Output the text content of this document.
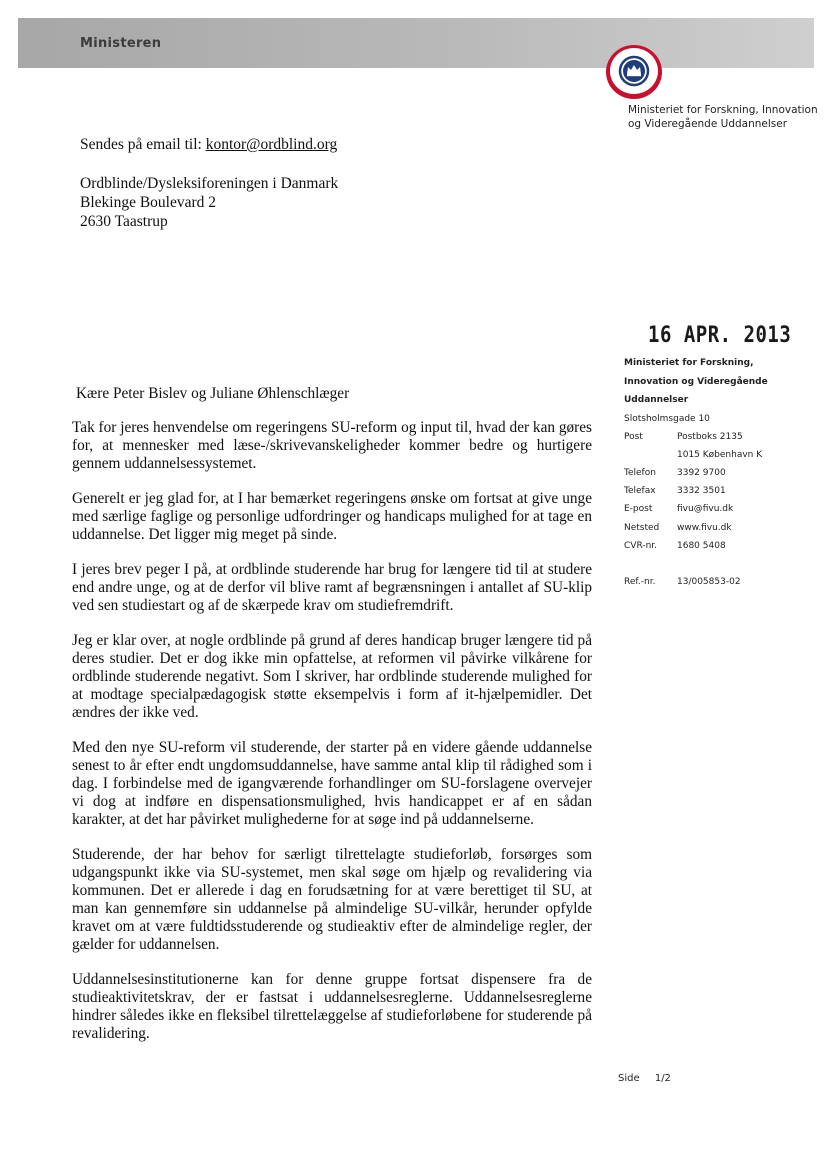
Ministeren
Ministeriet for Forskning, Innovation
og Videregående Uddannelser
Sendes på email til: kontor@ordblind.org
Ordblinde/Dysleksiforeningen i Danmark
Blekinge Boulevard 2
2630 Taastrup
16 APR. 2013
Ministeriet for Forskning,
Innovation og Videregående
Uddannelser
Slotsholmsgade 10
Post	Postboks 2135
1015 København K
Telefon	3392 9700
Telefax	3332 3501
E-post	fivu@fivu.dk
Netsted	www.fivu.dk
CVR-nr.	1680 5408
Ref.-nr.	13/005853-02
Kære Peter Bislev og Juliane Øhlenschlæger

Tak for jeres henvendelse om regeringens SU-reform og input til, hvad der kan gøres for, at mennesker med læse-/skrivevanskeligheder kommer bedre og hurtigere gennem uddannelsessystemet.

Generelt er jeg glad for, at I har bemærket regeringens ønske om fortsat at give unge med særlige faglige og personlige udfordringer og handicaps mulighed for at tage en uddannelse. Det ligger mig meget på sinde.

I jeres brev peger I på, at ordblinde studerende har brug for længere tid til at studere end andre unge, og at de derfor vil blive ramt af begrænsningen i antallet af SU-klip ved sen studiestart og af de skærpede krav om studiefremdrift.

Jeg er klar over, at nogle ordblinde på grund af deres handicap bruger længere tid på deres studier. Det er dog ikke min opfattelse, at reformen vil påvirke vilkårene for ordblinde studerende negativt. Som I skriver, har ordblinde studerende mulighed for at modtage specialpædagogisk støtte eksempelvis i form af it-hjælpemidler. Det ændres der ikke ved.

Med den nye SU-reform vil studerende, der starter på en videre gående uddannelse senest to år efter endt ungdomsuddannelse, have samme antal klip til rådighed som i dag. I forbindelse med de igangværende forhandlinger om SU-forslagene overvejer vi dog at indføre en dispensationsmulighed, hvis handicappet er af en sådan karakter, at det har påvirket mulighederne for at søge ind på uddannelserne.

Studerende, der har behov for særligt tilrettelagte studieforløb, forsørges som udgangspunkt ikke via SU-systemet, men skal søge om hjælp og revalidering via kommunen. Det er allerede i dag en forudsætning for at være berettiget til SU, at man kan gennemføre sin uddannelse på almindelige SU-vilkår, herunder opfylde kravet om at være fuldtidsstuderende og studieaktiv efter de almindelige regler, der gælder for uddannelsen.

Uddannelsesinstitutionerne kan for denne gruppe fortsat dispensere fra de studieaktivitetskrav, der er fastsat i uddannelsesreglerne. Uddannelsesreglerne hindrer således ikke en fleksibel tilrettelæggelse af studieforløbene for studerende på revalidering.

Side 1/2
